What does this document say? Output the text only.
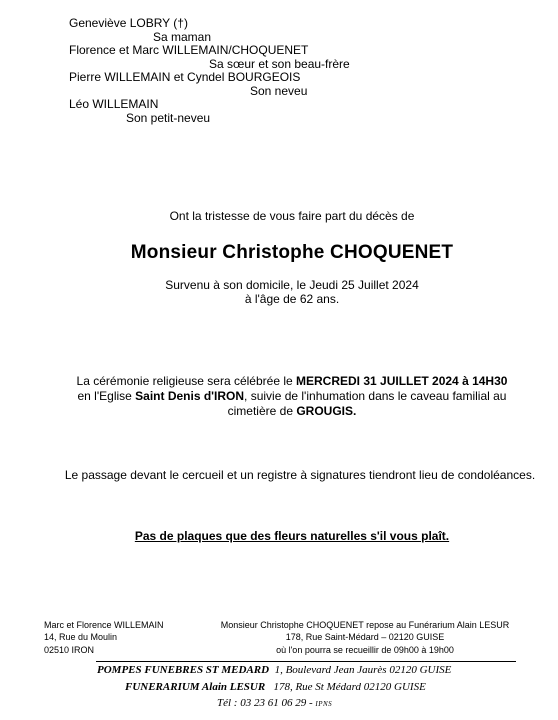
Geneviève LOBRY (†)
Sa maman
Florence et Marc WILLEMAIN/CHOQUENET
Sa sœur et son beau-frère
Pierre WILLEMAIN et Cyndel BOURGEOIS
Son neveu
Léo WILLEMAIN
Son petit-neveu
Ont la tristesse de vous faire part du décès de
Monsieur Christophe CHOQUENET
Survenu à son domicile, le Jeudi 25 Juillet 2024
à l'âge de 62 ans.
La cérémonie religieuse sera célébrée le MERCREDI 31 JUILLET 2024 à 14H30
en l'Eglise Saint Denis d'IRON, suivie de l'inhumation dans le caveau familial au
cimetière de GROUGIS.
Le passage devant le cercueil et un registre à signatures tiendront lieu de condoléances.
Pas de plaques que des fleurs naturelles s'il vous plaît.
Marc et Florence WILLEMAIN
14, Rue du Moulin
02510 IRON
Monsieur Christophe CHOQUENET repose au Funérarium Alain LESUR
178, Rue Saint-Médard – 02120 GUISE
où l'on pourra se recueillir de 09h00 à 19h00
POMPES FUNEBRES ST MEDARD 1, Boulevard Jean Jaurès 02120 GUISE
FUNERARIUM Alain LESUR 178, Rue St Médard 02120 GUISE
Tél : 03 23 61 06 29 - IPNS
